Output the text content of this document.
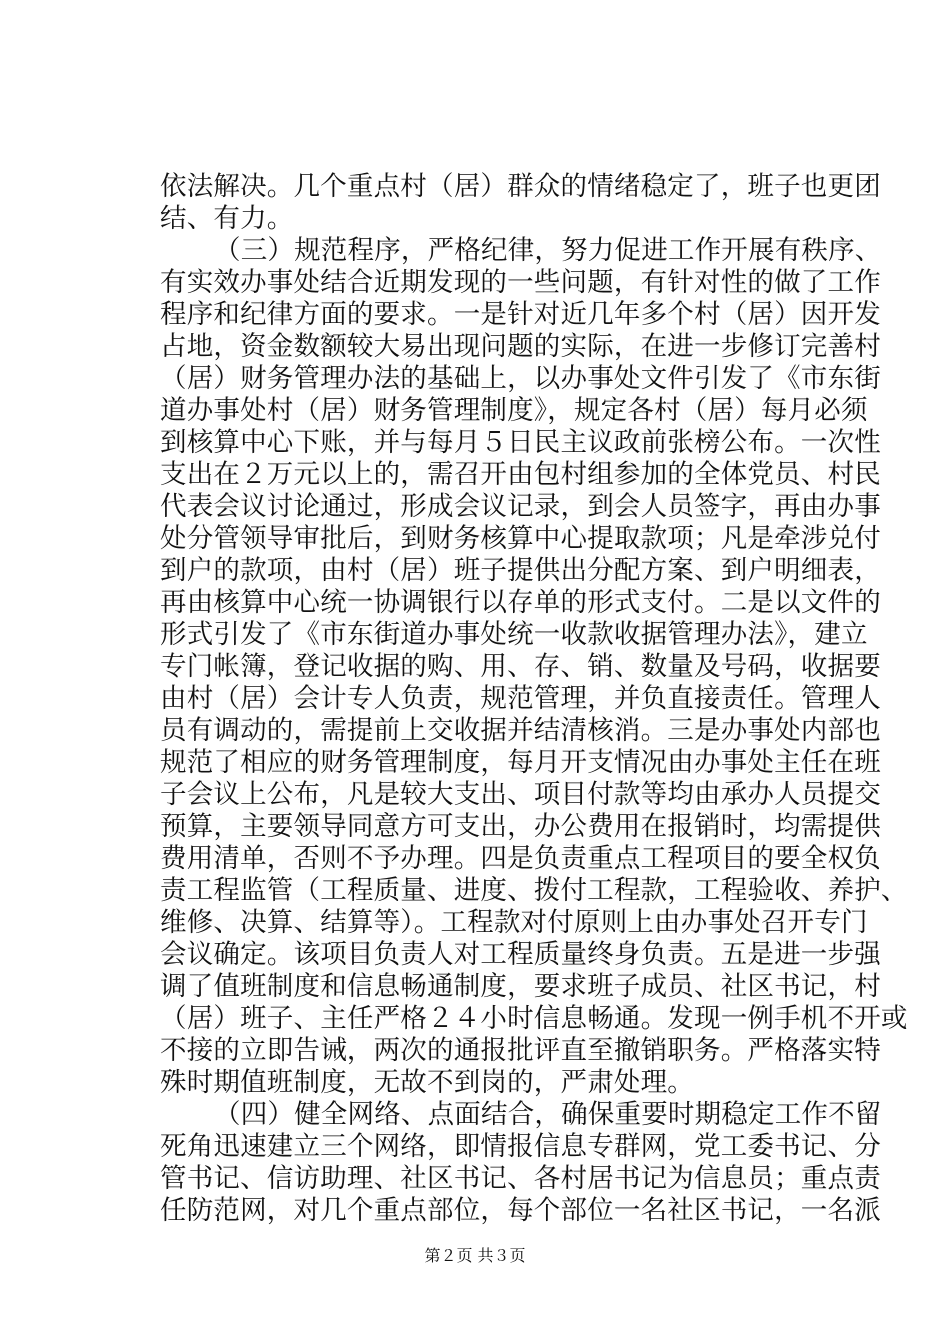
依法解决。几个重点村（居）群众的情绪稳定了，班子也更团
结、有力。
（三）规范程序，严格纪律，努力促进工作开展有秩序、
有实效办事处结合近期发现的一些问题，有针对性的做了工作
程序和纪律方面的要求。一是针对近几年多个村（居）因开发
占地，资金数额较大易出现问题的实际，在进一步修订完善村
（居）财务管理办法的基础上，以办事处文件引发了《市东街
道办事处村（居）财务管理制度》，规定各村（居）每月必须
到核算中心下账，并与每月５日民主议政前张榜公布。一次性
支出在２万元以上的，需召开由包村组参加的全体党员、村民
代表会议讨论通过，形成会议记录，到会人员签字，再由办事
处分管领导审批后，到财务核算中心提取款项；凡是牵涉兑付
到户的款项，由村（居）班子提供出分配方案、到户明细表，
再由核算中心统一协调银行以存单的形式支付。二是以文件的
形式引发了《市东街道办事处统一收款收据管理办法》，建立
专门帐簿，登记收据的购、用、存、销、数量及号码，收据要
由村（居）会计专人负责，规范管理，并负直接责任。管理人
员有调动的，需提前上交收据并结清核消。三是办事处内部也
规范了相应的财务管理制度，每月开支情况由办事处主任在班
子会议上公布，凡是较大支出、项目付款等均由承办人员提交
预算，主要领导同意方可支出，办公费用在报销时，均需提供
费用清单，否则不予办理。四是负责重点工程项目的要全权负
责工程监管（工程质量、进度、拨付工程款，工程验收、养护、
维修、决算、结算等）。工程款对付原则上由办事处召开专门
会议确定。该项目负责人对工程质量终身负责。五是进一步强
调了值班制度和信息畅通制度，要求班子成员、社区书记，村
（居）班子、主任严格２４小时信息畅通。发现一例手机不开或
不接的立即告诫，两次的通报批评直至撤销职务。严格落实特
殊时期值班制度，无故不到岗的，严肃处理。
（四）健全网络、点面结合，确保重要时期稳定工作不留
死角迅速建立三个网络，即情报信息专群网，党工委书记、分
管书记、信访助理、社区书记、各村居书记为信息员；重点责
任防范网，对几个重点部位，每个部位一名社区书记，一名派
第２页 共３页
